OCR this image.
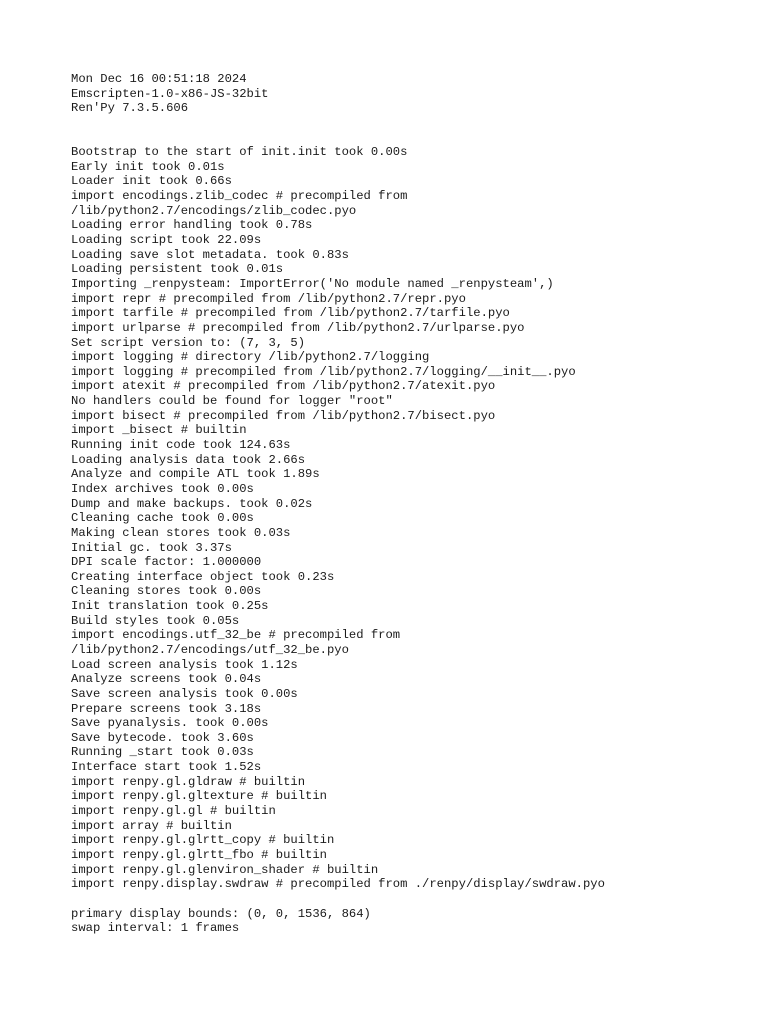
Mon Dec 16 00:51:18 2024
Emscripten-1.0-x86-JS-32bit
Ren'Py 7.3.5.606
Bootstrap to the start of init.init took 0.00s
Early init took 0.01s
Loader init took 0.66s
import encodings.zlib_codec # precompiled from
/lib/python2.7/encodings/zlib_codec.pyo
Loading error handling took 0.78s
Loading script took 22.09s
Loading save slot metadata. took 0.83s
Loading persistent took 0.01s
Importing _renpysteam: ImportError('No module named _renpysteam',)
import repr # precompiled from /lib/python2.7/repr.pyo
import tarfile # precompiled from /lib/python2.7/tarfile.pyo
import urlparse # precompiled from /lib/python2.7/urlparse.pyo
Set script version to: (7, 3, 5)
import logging # directory /lib/python2.7/logging
import logging # precompiled from /lib/python2.7/logging/__init__.pyo
import atexit # precompiled from /lib/python2.7/atexit.pyo
No handlers could be found for logger "root"
import bisect # precompiled from /lib/python2.7/bisect.pyo
import _bisect # builtin
Running init code took 124.63s
Loading analysis data took 2.66s
Analyze and compile ATL took 1.89s
Index archives took 0.00s
Dump and make backups. took 0.02s
Cleaning cache took 0.00s
Making clean stores took 0.03s
Initial gc. took 3.37s
DPI scale factor: 1.000000
Creating interface object took 0.23s
Cleaning stores took 0.00s
Init translation took 0.25s
Build styles took 0.05s
import encodings.utf_32_be # precompiled from
/lib/python2.7/encodings/utf_32_be.pyo
Load screen analysis took 1.12s
Analyze screens took 0.04s
Save screen analysis took 0.00s
Prepare screens took 3.18s
Save pyanalysis. took 0.00s
Save bytecode. took 3.60s
Running _start took 0.03s
Interface start took 1.52s
import renpy.gl.gldraw # builtin
import renpy.gl.gltexture # builtin
import renpy.gl.gl # builtin
import array # builtin
import renpy.gl.glrtt_copy # builtin
import renpy.gl.glrtt_fbo # builtin
import renpy.gl.glenviron_shader # builtin
import renpy.display.swdraw # precompiled from ./renpy/display/swdraw.pyo
primary display bounds: (0, 0, 1536, 864)
swap interval: 1 frames
